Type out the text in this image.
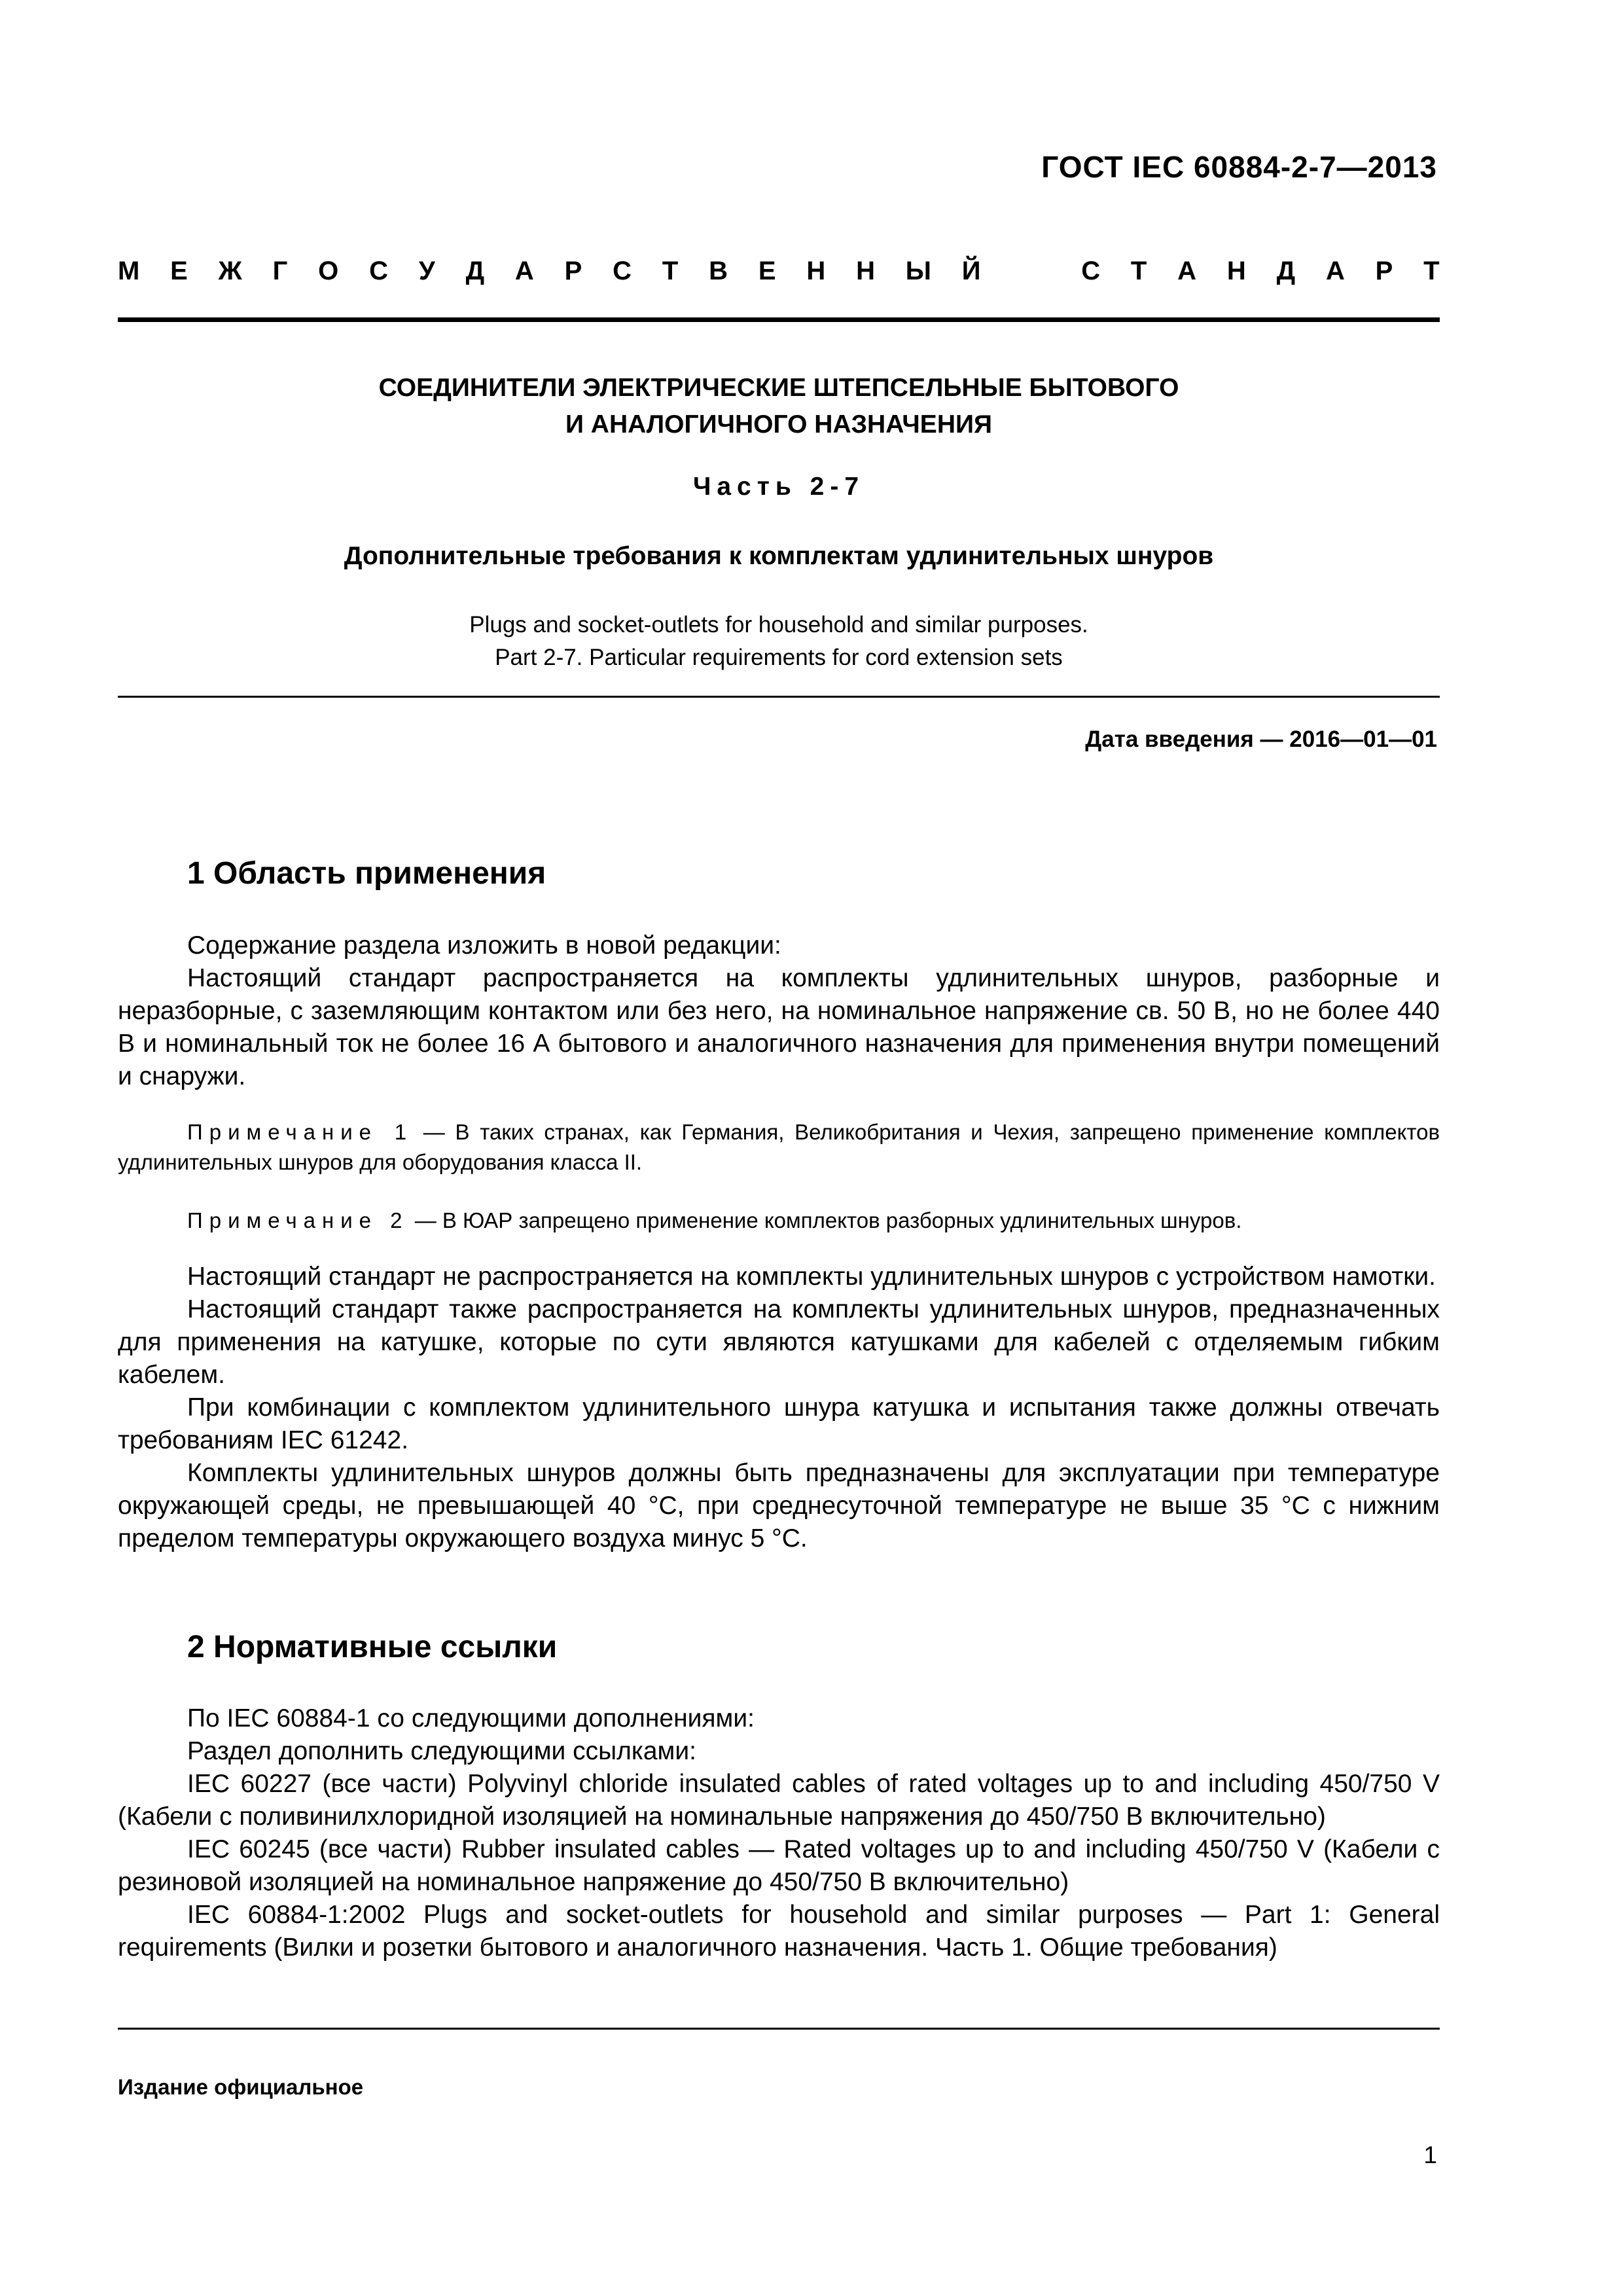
ГОСТ IEC 60884-2-7—2013
М Е Ж Г О С У Д А Р С Т В Е Н Н Ы Й	С Т А Н Д А Р Т
СОЕДИНИТЕЛИ ЭЛЕКТРИЧЕСКИЕ ШТЕПСЕЛЬНЫЕ БЫТОВОГО
И АНАЛОГИЧНОГО НАЗНАЧЕНИЯ
Часть 2-7
Дополнительные требования к комплектам удлинительных шнуров
Plugs and socket-outlets for household and similar purposes.
Part 2-7. Particular requirements for cord extension sets
Дата введения — 2016—01—01
1 Область применения

Содержание раздела изложить в новой редакции:

Настоящий стандарт распространяется на комплекты удлинительных шнуров, разборные и неразборные, с заземляющим контактом или без него, на номинальное напряжение св. 50 В, но не более 440 В и номинальный ток не более 16 А бытового и аналогичного назначения для применения внутри помещений и снаружи.

Примечание 1 — В таких странах, как Германия, Великобритания и Чехия, запрещено применение комплектов удлинительных шнуров для оборудования класса II.

Примечание 2 — В ЮАР запрещено применение комплектов разборных удлинительных шнуров.

Настоящий стандарт не распространяется на комплекты удлинительных шнуров с устройством намотки.

Настоящий стандарт также распространяется на комплекты удлинительных шнуров, предназначенных для применения на катушке, которые по сути являются катушками для кабелей с отделяемым гибким кабелем.

При комбинации с комплектом удлинительного шнура катушка и испытания также должны отвечать требованиям IEC 61242.

Комплекты удлинительных шнуров должны быть предназначены для эксплуатации при температуре окружающей среды, не превышающей 40 °С, при среднесуточной температуре не выше 35 °С с нижним пределом температуры окружающего воздуха минус 5 °С.

2 Нормативные ссылки

По IEC 60884-1 со следующими дополнениями:

Раздел дополнить следующими ссылками:

IEC 60227 (все части) Polyvinyl chloride insulated cables of rated voltages up to and including 450/750 V (Кабели с поливинилхлоридной изоляцией на номинальные напряжения до 450/750 В включительно)

IEC 60245 (все части) Rubber insulated cables — Rated voltages up to and including 450/750 V (Кабели с резиновой изоляцией на номинальное напряжение до 450/750 В включительно)

IEC 60884-1:2002 Plugs and socket-outlets for household and similar purposes — Part 1: General requirements (Вилки и розетки бытового и аналогичного назначения. Часть 1. Общие требования)

Издание официальное
1
